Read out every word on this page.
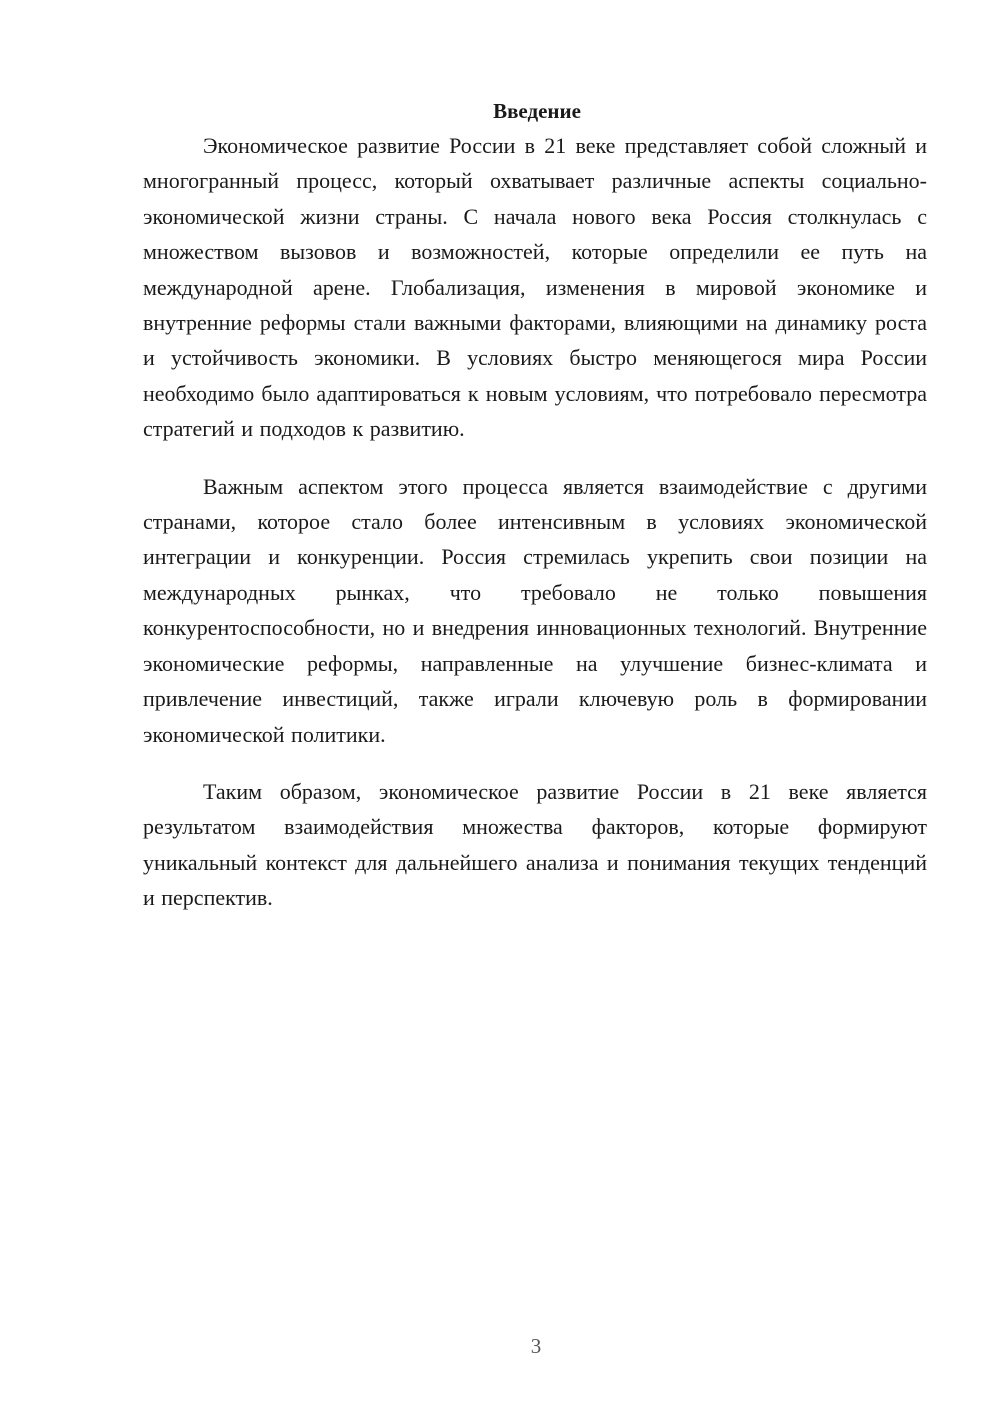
Введение

Экономическое развитие России в 21 веке представляет собой сложный и многогранный процесс, который охватывает различные аспекты социально-экономической жизни страны. С начала нового века Россия столкнулась с множеством вызовов и возможностей, которые определили ее путь на международной арене. Глобализация, изменения в мировой экономике и внутренние реформы стали важными факторами, влияющими на динамику роста и устойчивость экономики. В условиях быстро меняющегося мира России необходимо было адаптироваться к новым условиям, что потребовало пересмотра стратегий и подходов к развитию.

Важным аспектом этого процесса является взаимодействие с другими странами, которое стало более интенсивным в условиях экономической интеграции и конкуренции. Россия стремилась укрепить свои позиции на международных рынках, что требовало не только повышения конкурентоспособности, но и внедрения инновационных технологий. Внутренние экономические реформы, направленные на улучшение бизнес-климата и привлечение инвестиций, также играли ключевую роль в формировании экономической политики.

Таким образом, экономическое развитие России в 21 веке является результатом взаимодействия множества факторов, которые формируют уникальный контекст для дальнейшего анализа и понимания текущих тенденций и перспектив.

3
